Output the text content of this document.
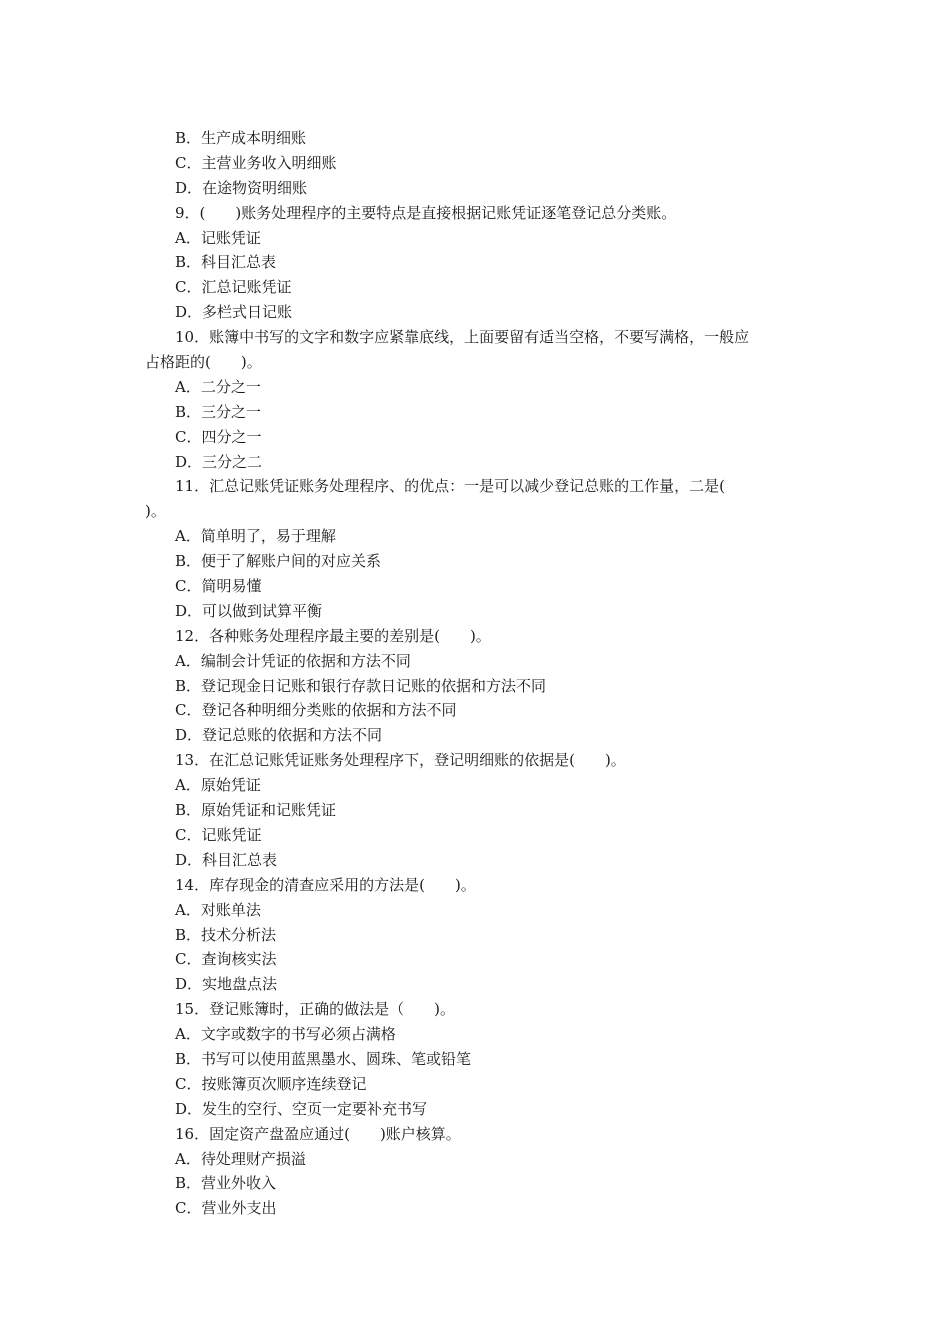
B．生产成本明细账
C．主营业务收入明细账
D．在途物资明细账
9．(　　)账务处理程序的主要特点是直接根据记账凭证逐笔登记总分类账。
A．记账凭证
B．科目汇总表
C．汇总记账凭证
D．多栏式日记账
10．账簿中书写的文字和数字应紧靠底线，上面要留有适当空格，不要写满格，一般应
占格距的(　　)。
A．二分之一
B．三分之一
C．四分之一
D．三分之二
11．汇总记账凭证账务处理程序、的优点：一是可以减少登记总账的工作量，二是(
)。
A．简单明了，易于理解
B．便于了解账户间的对应关系
C．简明易懂
D．可以做到试算平衡
12．各种账务处理程序最主要的差别是(　　)。
A．编制会计凭证的依据和方法不同
B．登记现金日记账和银行存款日记账的依据和方法不同
C．登记各种明细分类账的依据和方法不同
D．登记总账的依据和方法不同
13．在汇总记账凭证账务处理程序下，登记明细账的依据是(　　)。
A．原始凭证
B．原始凭证和记账凭证
C．记账凭证
D．科目汇总表
14．库存现金的清查应采用的方法是(　　)。
A．对账单法
B．技术分析法
C．查询核实法
D．实地盘点法
15．登记账簿时，正确的做法是（　　)。
A．文字或数字的书写必须占满格
B．书写可以使用蓝黑墨水、圆珠、笔或铅笔
C．按账簿页次顺序连续登记
D．发生的空行、空页一定要补充书写
16．固定资产盘盈应通过(　　)账户核算。
A．待处理财产损溢
B．营业外收入
C．营业外支出
